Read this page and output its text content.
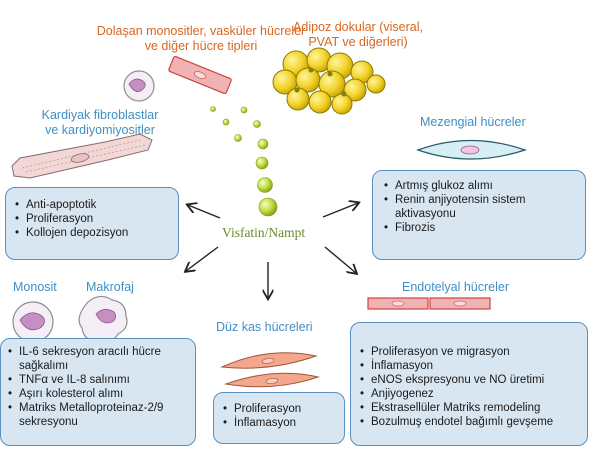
Dolaşan monositler, vasküler hücreler
ve diğer hücre tipleri
Adipoz dokular (viseral,
PVAT ve diğerleri)
Kardiyak fibroblastlar
ve kardiyomiyositler
Mezengial hücreler
Monosit Makrofaj	Endotelyal hücreler
Düz kas hücreleri
Visfatin/Nampt
• Anti-apoptotik
• Proliferasyon
• Kollojen depozisyon
• Artmış glukoz alımı
• Renin anjiyotensin sistem aktivasyonu
• Fibrozis
• IL-6 sekresyon aracılı hücre sağkalımı
• TNFα ve IL-8 salınımı
• Aşırı kolesterol alımı
• Matriks Metalloproteinaz-2/9 sekresyonu
• Proliferasyon
• İnflamasyon
• Proliferasyon ve migrasyon
• İnflamasyon
• eNOS ekspresyonu ve NO üretimi
• Anjiyogenez
• Ekstrasellüler Matriks remodeling
• Bozulmuş endotel bağımlı gevşeme
